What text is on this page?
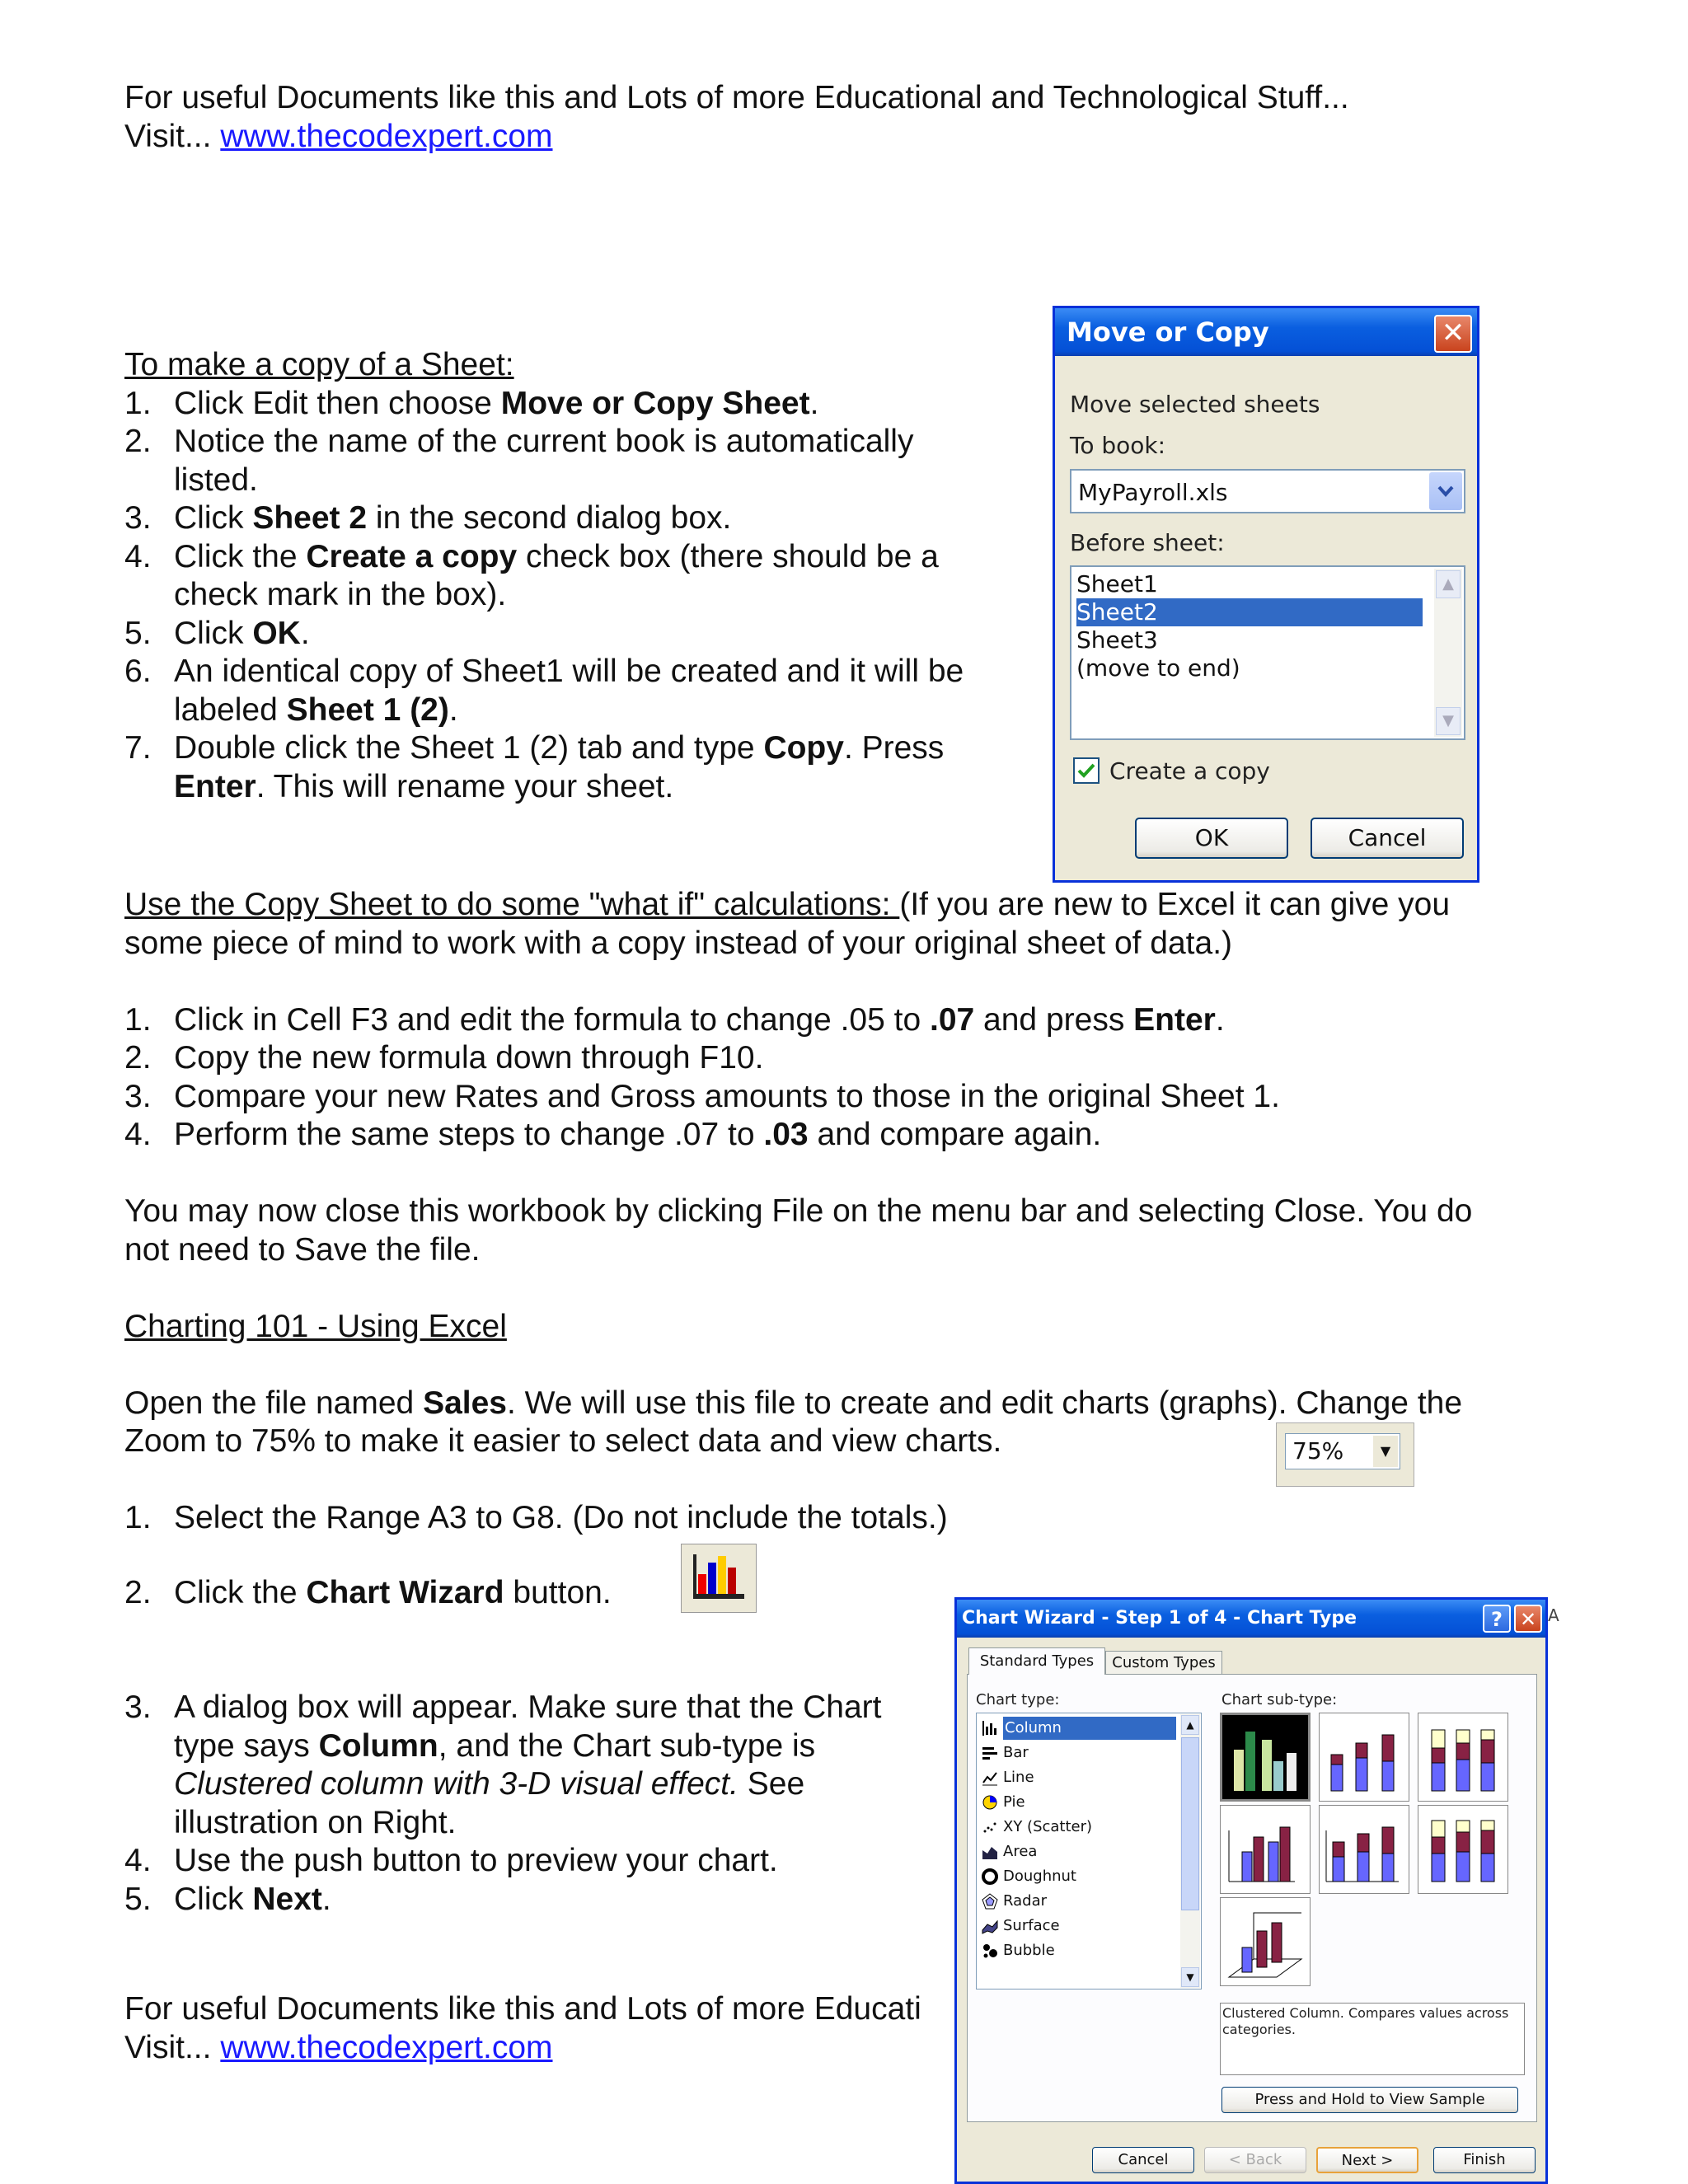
For useful Documents like this and Lots of more Educational and Technological Stuff...
Visit... www.thecodexpert.com
To make a copy of a Sheet:
1. Click Edit then choose Move or Copy Sheet.
2. Notice the name of the current book is automatically
listed.
3. Click Sheet 2 in the second dialog box.
4. Click the Create a copy check box (there should be a
check mark in the box).
5. Click OK.
6. An identical copy of Sheet1 will be created and it will be
labeled Sheet 1 (2).
7. Double click the Sheet 1 (2) tab and type Copy. Press
Enter. This will rename your sheet.
Move or Copy	✕
Move selected sheets
To book:
MyPayroll.xls
Before sheet:
Sheet1
Sheet2
Sheet3
(move to end)
▲
▼
Create a copy
OK	Cancel
Use the Copy Sheet to do some "what if" calculations: (If you are new to Excel it can give you
some piece of mind to work with a copy instead of your original sheet of data.)
1. Click in Cell F3 and edit the formula to change .05 to .07 and press Enter.
2. Copy the new formula down through F10.
3. Compare your new Rates and Gross amounts to those in the original Sheet 1.
4. Perform the same steps to change .07 to .03 and compare again.
You may now close this workbook by clicking File on the menu bar and selecting Close. You do
not need to Save the file.
Charting 101 - Using Excel
Open the file named Sales. We will use this file to create and edit charts (graphs). Change the
Zoom to 75% to make it easier to select data and view charts.
1. Select the Range A3 to G8. (Do not include the totals.)
75%	▼
2. Click the Chart Wizard button.
3. A dialog box will appear. Make sure that the Chart
type says Column, and the Chart sub-type is
Clustered column with 3-D visual effect. See
illustration on Right.
4. Use the push button to preview your chart.
5. Click Next.
For useful Documents like this and Lots of more Educati
Visit... www.thecodexpert.com
Chart Wizard - Step 1 of 4 - Chart Type	? ✕
Standard Types	Custom Types
Chart type:	Chart sub-type:
Column
Bar
Line
Pie
XY (Scatter)
Area
Doughnut
Radar
Surface
Bubble
▲
▼
Clustered Column. Compares values across categories.
Press and Hold to View Sample
Cancel	< Back	Next >	Finish
A
